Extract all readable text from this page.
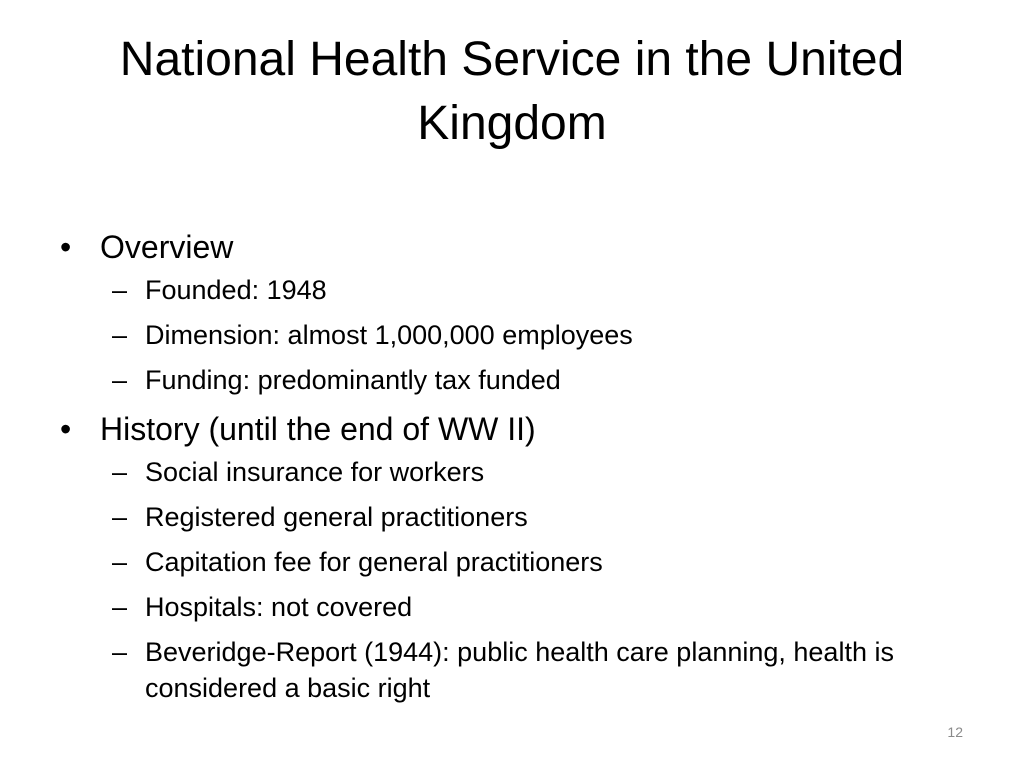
National Health Service in the United Kingdom
• Overview
– Founded: 1948
– Dimension: almost 1,000,000 employees
– Funding: predominantly tax funded
• History (until the end of WW II)
– Social insurance for workers
– Registered general practitioners
– Capitation fee for general practitioners
– Hospitals: not covered
– Beveridge-Report (1944): public health care planning, health is considered a basic right
12
